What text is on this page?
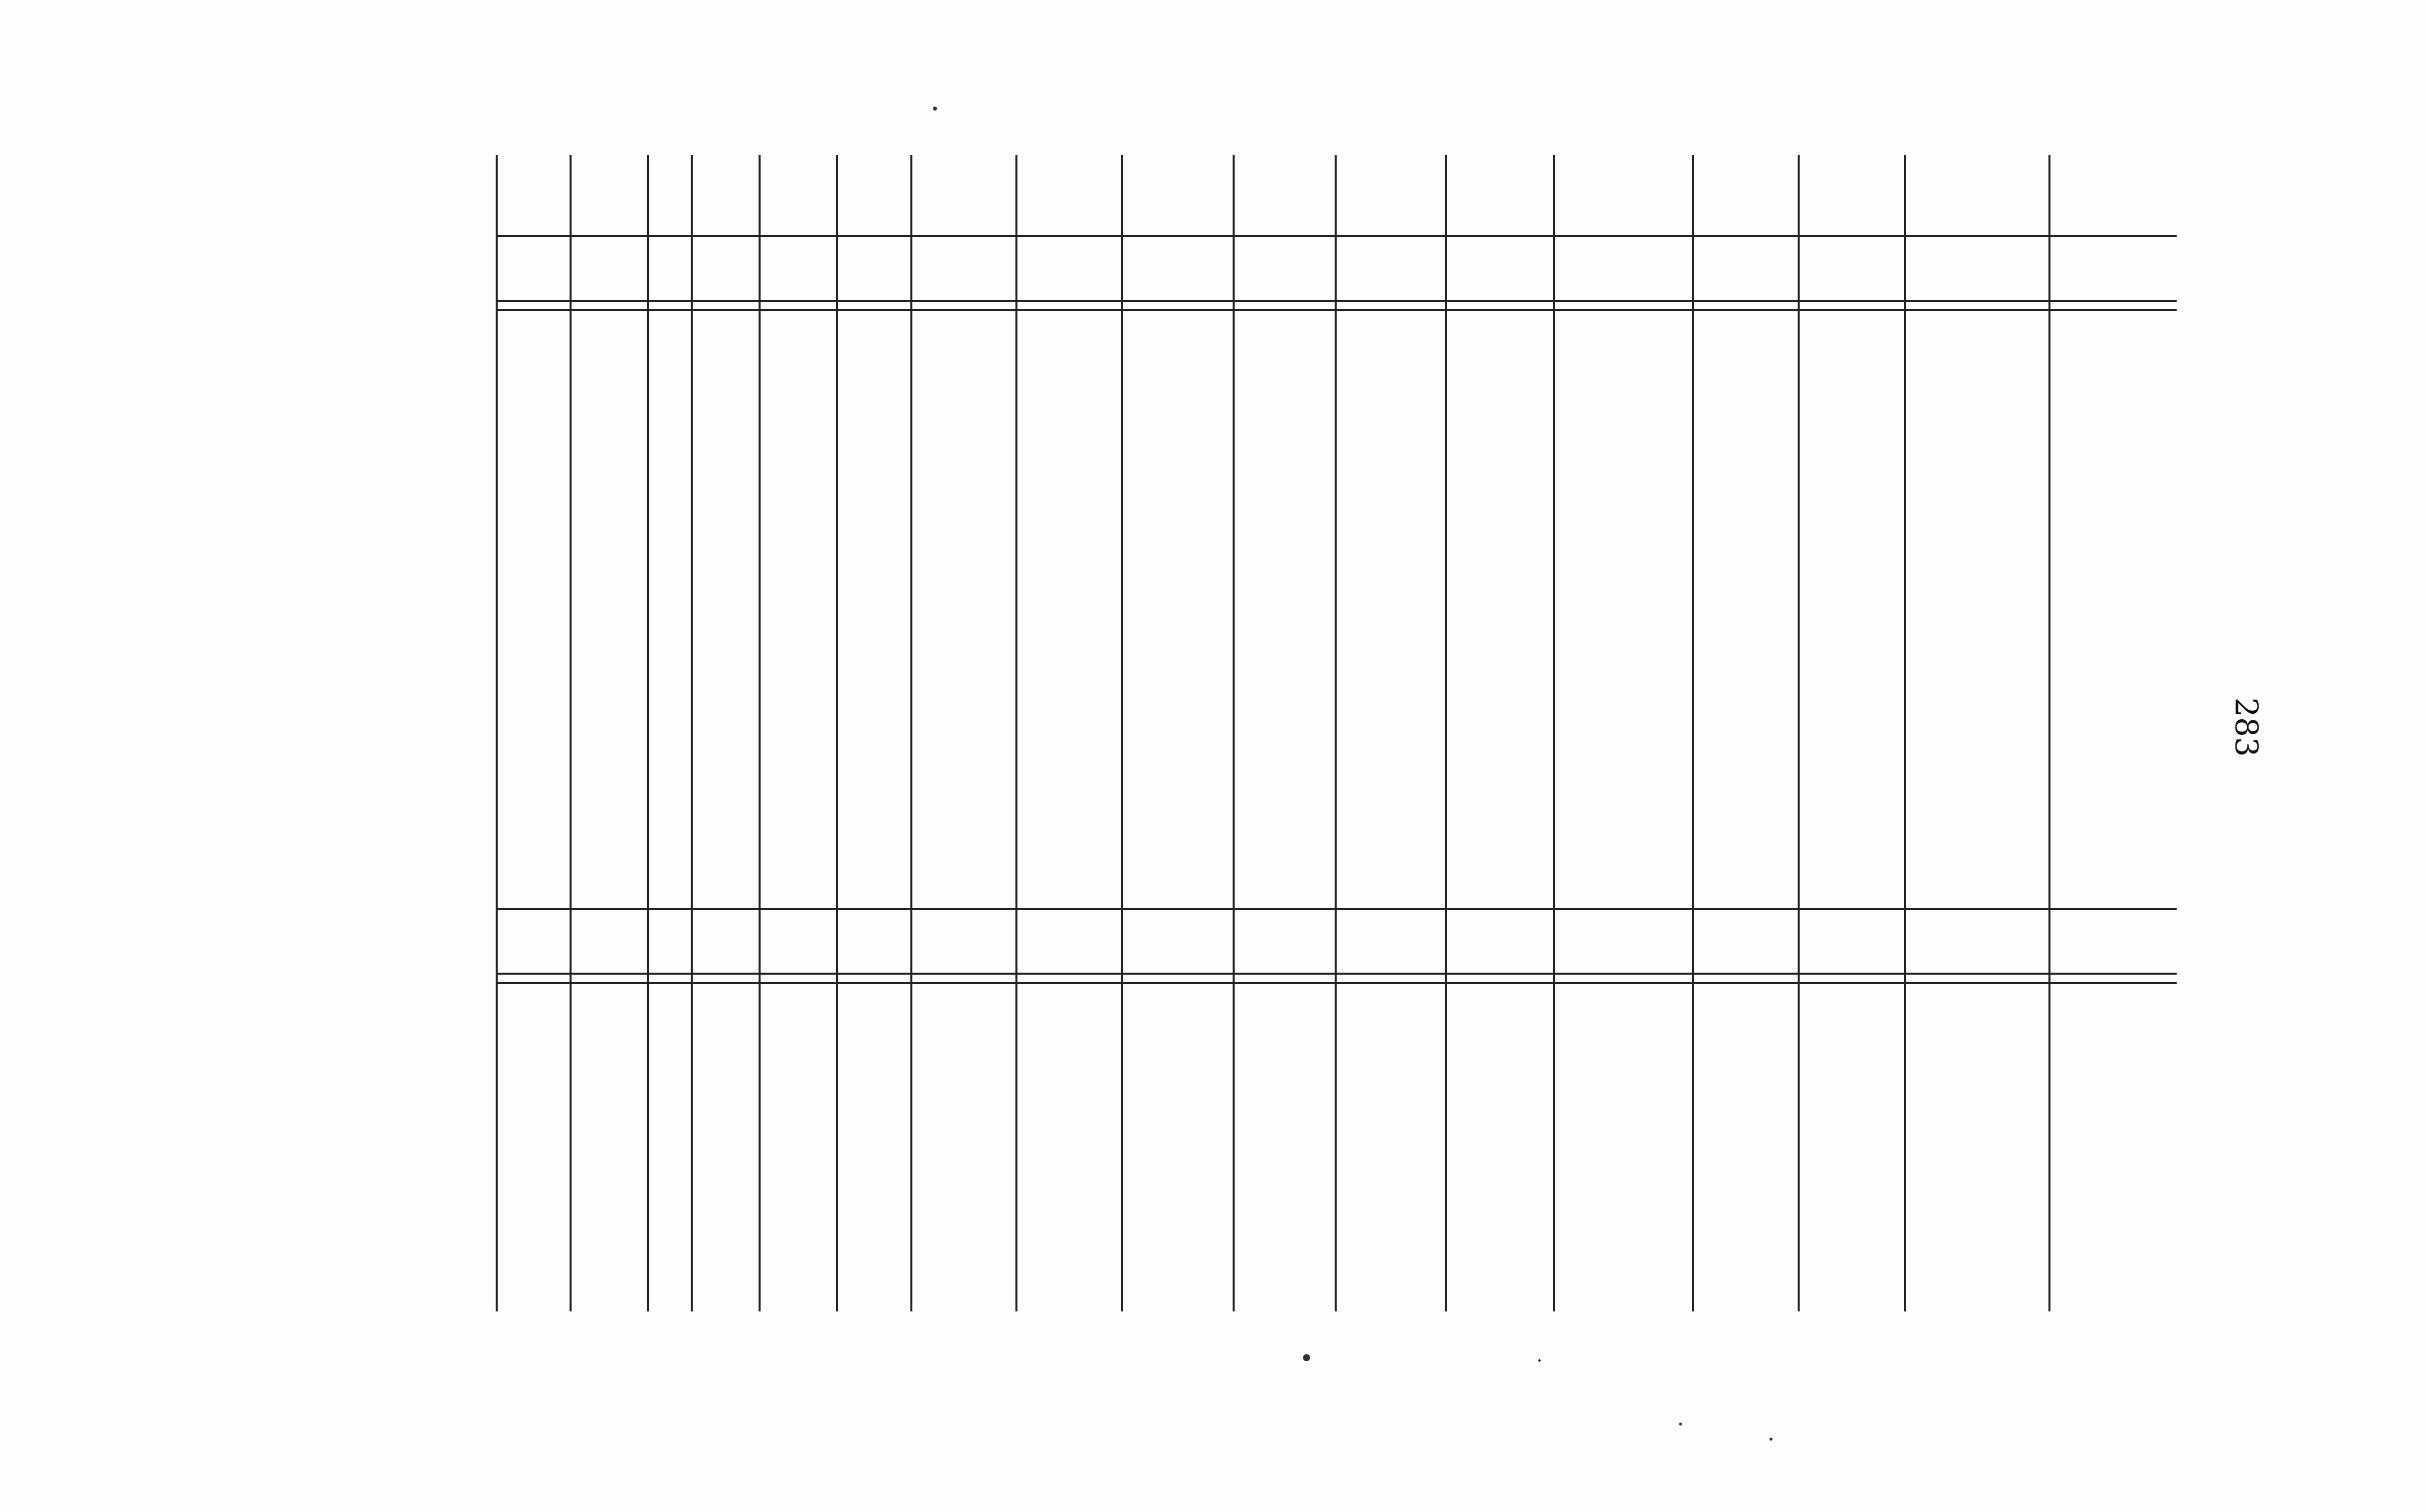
283
